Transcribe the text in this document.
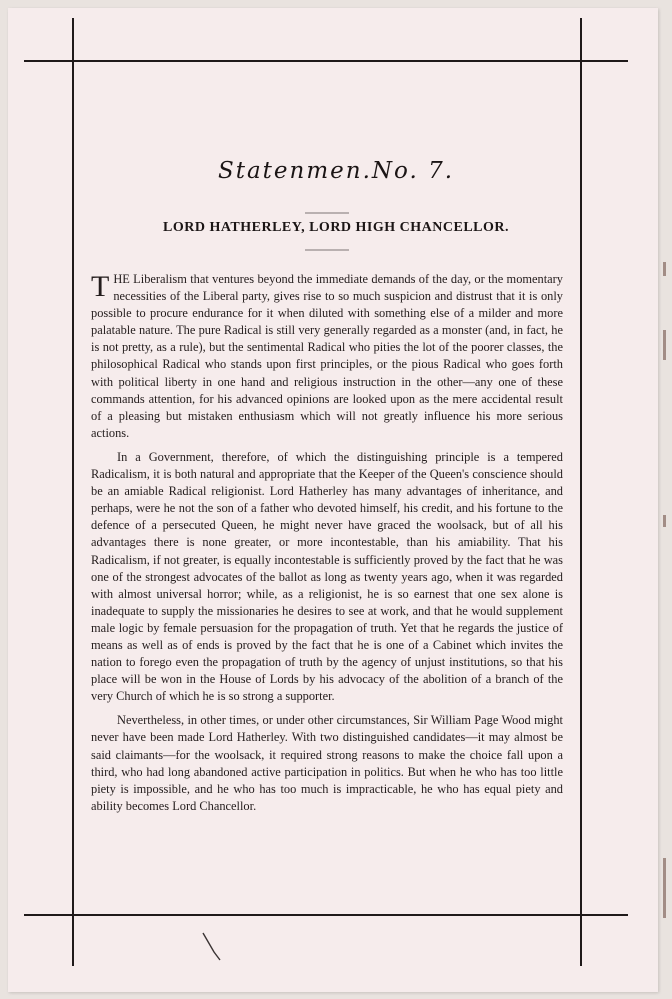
Statenmen.No. 7.
LORD HATHERLEY, LORD HIGH CHANCELLOR.

THE Liberalism that ventures beyond the immediate demands of the day, or the momentary necessities of the Liberal party, gives rise to so much suspicion and distrust that it is only possible to procure endurance for it when diluted with something else of a milder and more palatable nature. The pure Radical is still very generally regarded as a monster (and, in fact, he is not pretty, as a rule), but the sentimental Radical who pities the lot of the poorer classes, the philosophical Radical who stands upon first principles, or the pious Radical who goes forth with political liberty in one hand and religious instruction in the other—any one of these commands attention, for his advanced opinions are looked upon as the mere accidental result of a pleasing but mistaken enthusiasm which will not greatly influence his more serious actions.

In a Government, therefore, of which the distinguishing principle is a tempered Radicalism, it is both natural and appropriate that the Keeper of the Queen's conscience should be an amiable Radical religionist. Lord Hatherley has many advantages of inheritance, and perhaps, were he not the son of a father who devoted himself, his credit, and his fortune to the defence of a persecuted Queen, he might never have graced the woolsack, but of all his advantages there is none greater, or more incontestable, than his amiability. That his Radicalism, if not greater, is equally incontestable is sufficiently proved by the fact that he was one of the strongest advocates of the ballot as long as twenty years ago, when it was regarded with almost universal horror; while, as a religionist, he is so earnest that one sex alone is inadequate to supply the missionaries he desires to see at work, and that he would supplement male logic by female persuasion for the propagation of truth. Yet that he regards the justice of means as well as of ends is proved by the fact that he is one of a Cabinet which invites the nation to forego even the propagation of truth by the agency of unjust institutions, so that his place will be won in the House of Lords by his advocacy of the abolition of a branch of the very Church of which he is so strong a supporter.

Nevertheless, in other times, or under other circumstances, Sir William Page Wood might never have been made Lord Hatherley. With two distinguished candidates—it may almost be said claimants—for the woolsack, it required strong reasons to make the choice fall upon a third, who had long abandoned active participation in politics. But when he who has too little piety is impossible, and he who has too much is impracticable, he who has equal piety and ability becomes Lord Chancellor.
